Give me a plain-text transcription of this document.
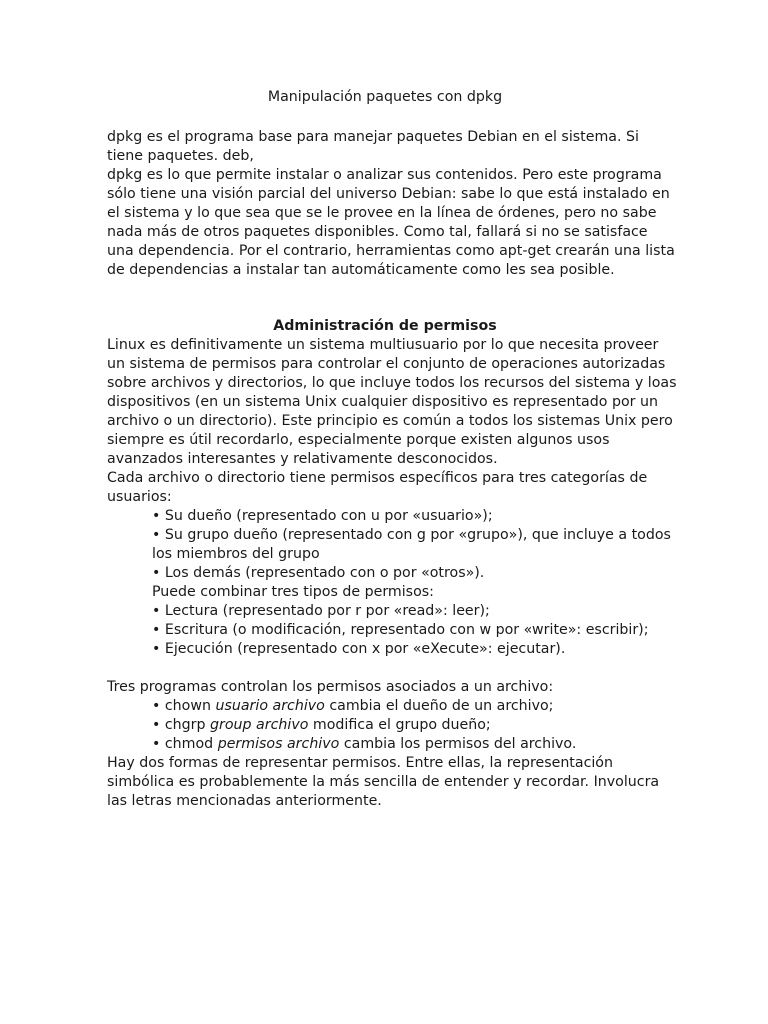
Manipulación paquetes con dpkg

dpkg es el programa base para manejar paquetes Debian en el sistema. Si
tiene paquetes. deb,
dpkg es lo que permite instalar o analizar sus contenidos. Pero este programa
sólo tiene una visión parcial del universo Debian: sabe lo que está instalado en
el sistema y lo que sea que se le provee en la línea de órdenes, pero no sabe
nada más de otros paquetes disponibles. Como tal, fallará si no se satisface
una dependencia. Por el contrario, herramientas como apt-get crearán una lista
de dependencias a instalar tan automáticamente como les sea posible.

Administración de permisos

Linux es definitivamente un sistema multiusuario por lo que necesita proveer
un sistema de permisos para controlar el conjunto de operaciones autorizadas
sobre archivos y directorios, lo que incluye todos los recursos del sistema y loas
dispositivos (en un sistema Unix cualquier dispositivo es representado por un
archivo o un directorio). Este principio es común a todos los sistemas Unix pero
siempre es útil recordarlo, especialmente porque existen algunos usos
avanzados interesantes y relativamente desconocidos.
Cada archivo o directorio tiene permisos específicos para tres categorías de
usuarios:

• Su dueño (representado con u por «usuario»);
• Su grupo dueño (representado con g por «grupo»), que incluye a todos
los miembros del grupo
• Los demás (representado con o por «otros»).
Puede combinar tres tipos de permisos:
• Lectura (representado por r por «read»: leer);
• Escritura (o modificación, representado con w por «write»: escribir);
• Ejecución (representado con x por «eXecute»: ejecutar).
Tres programas controlan los permisos asociados a un archivo:
• chown usuario archivo cambia el dueño de un archivo;
• chgrp group archivo modifica el grupo dueño;
• chmod permisos archivo cambia los permisos del archivo.

Hay dos formas de representar permisos. Entre ellas, la representación
simbólica es probablemente la más sencilla de entender y recordar. Involucra
las letras mencionadas anteriormente.
